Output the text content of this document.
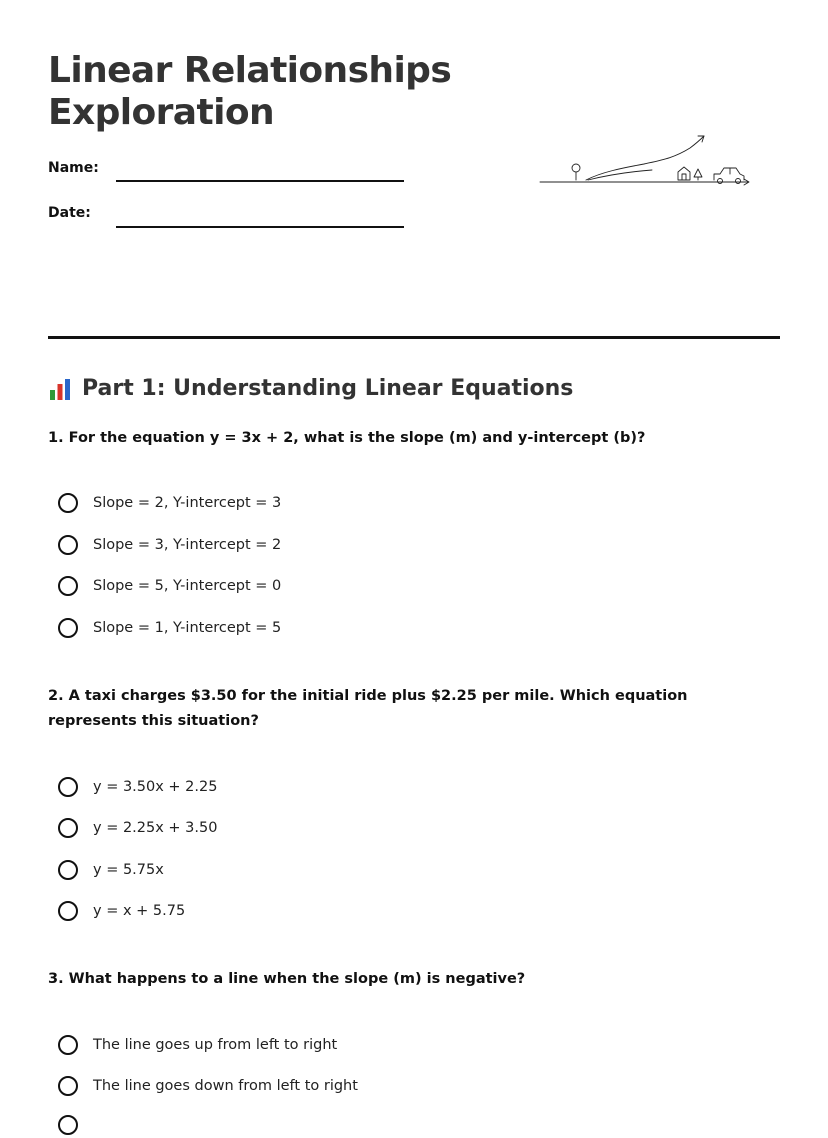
Linear Relationships
Exploration
Name:
Date:
Part 1: Understanding Linear Equations

1. For the equation y = 3x + 2, what is the slope (m) and y-intercept (b)?

Slope = 2, Y-intercept = 3
Slope = 3, Y-intercept = 2
Slope = 5, Y-intercept = 0
Slope = 1, Y-intercept = 5

2. A taxi charges $3.50 for the initial ride plus $2.25 per mile. Which equation represents this situation?

y = 3.50x + 2.25
y = 2.25x + 3.50
y = 5.75x
y = x + 5.75

3. What happens to a line when the slope (m) is negative?

The line goes up from left to right
The line goes down from left to right
